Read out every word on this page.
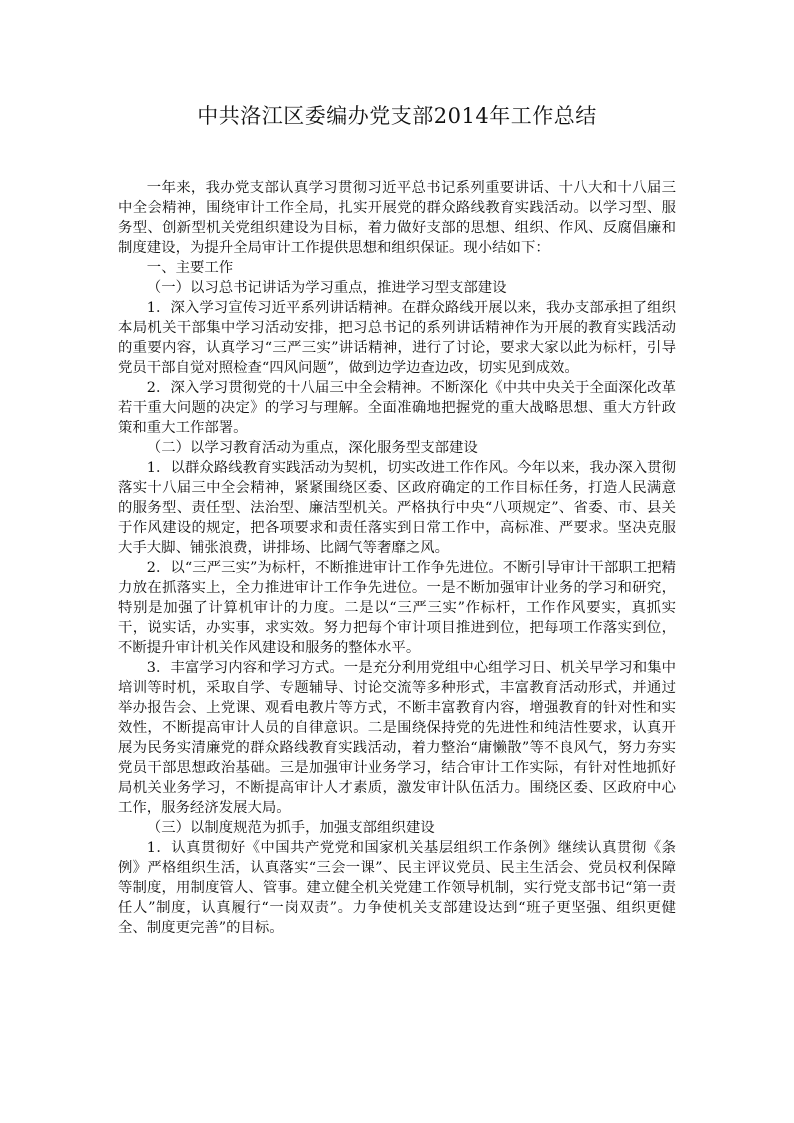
中共洛江区委编办党支部2014年工作总结

一年来，我办党支部认真学习贯彻习近平总书记系列重要讲话、十八大和十八届三中全会精神，围绕审计工作全局，扎实开展党的群众路线教育实践活动。以学习型、服务型、创新型机关党组织建设为目标，着力做好支部的思想、组织、作风、反腐倡廉和制度建设，为提升全局审计工作提供思想和组织保证。现小结如下：

一、主要工作

（一）以习总书记讲话为学习重点，推进学习型支部建设

1．深入学习宣传习近平系列讲话精神。在群众路线开展以来，我办支部承担了组织本局机关干部集中学习活动安排，把习总书记的系列讲话精神作为开展的教育实践活动的重要内容，认真学习“三严三实”讲话精神，进行了讨论，要求大家以此为标杆，引导党员干部自觉对照检查“四风问题”，做到边学边查边改，切实见到成效。

2．深入学习贯彻党的十八届三中全会精神。不断深化《中共中央关于全面深化改革若干重大问题的决定》的学习与理解。全面准确地把握党的重大战略思想、重大方针政策和重大工作部署。

（二）以学习教育活动为重点，深化服务型支部建设

1．以群众路线教育实践活动为契机，切实改进工作作风。今年以来，我办深入贯彻落实十八届三中全会精神，紧紧围绕区委、区政府确定的工作目标任务，打造人民满意的服务型、责任型、法治型、廉洁型机关。严格执行中央“八项规定”、省委、市、县关于作风建设的规定，把各项要求和责任落实到日常工作中，高标准、严要求。坚决克服大手大脚、铺张浪费，讲排场、比阔气等奢靡之风。

2．以“三严三实”为标杆，不断推进审计工作争先进位。不断引导审计干部职工把精力放在抓落实上，全力推进审计工作争先进位。一是不断加强审计业务的学习和研究，特别是加强了计算机审计的力度。二是以“三严三实”作标杆，工作作风要实，真抓实干，说实话，办实事，求实效。努力把每个审计项目推进到位，把每项工作落实到位，不断提升审计机关作风建设和服务的整体水平。

3．丰富学习内容和学习方式。一是充分利用党组中心组学习日、机关早学习和集中培训等时机，采取自学、专题辅导、讨论交流等多种形式，丰富教育活动形式，并通过举办报告会、上党课、观看电教片等方式，不断丰富教育内容，增强教育的针对性和实效性，不断提高审计人员的自律意识。二是围绕保持党的先进性和纯洁性要求，认真开展为民务实清廉党的群众路线教育实践活动，着力整治“庸懒散”等不良风气，努力夯实党员干部思想政治基础。三是加强审计业务学习，结合审计工作实际，有针对性地抓好局机关业务学习，不断提高审计人才素质，激发审计队伍活力。围绕区委、区政府中心工作，服务经济发展大局。

（三）以制度规范为抓手，加强支部组织建设

1．认真贯彻好《中国共产党党和国家机关基层组织工作条例》继续认真贯彻《条例》严格组织生活，认真落实“三会一课”、民主评议党员、民主生活会、党员权利保障等制度，用制度管人、管事。建立健全机关党建工作领导机制，实行党支部书记“第一责任人”制度，认真履行“一岗双责”。力争使机关支部建设达到“班子更坚强、组织更健全、制度更完善”的目标。
